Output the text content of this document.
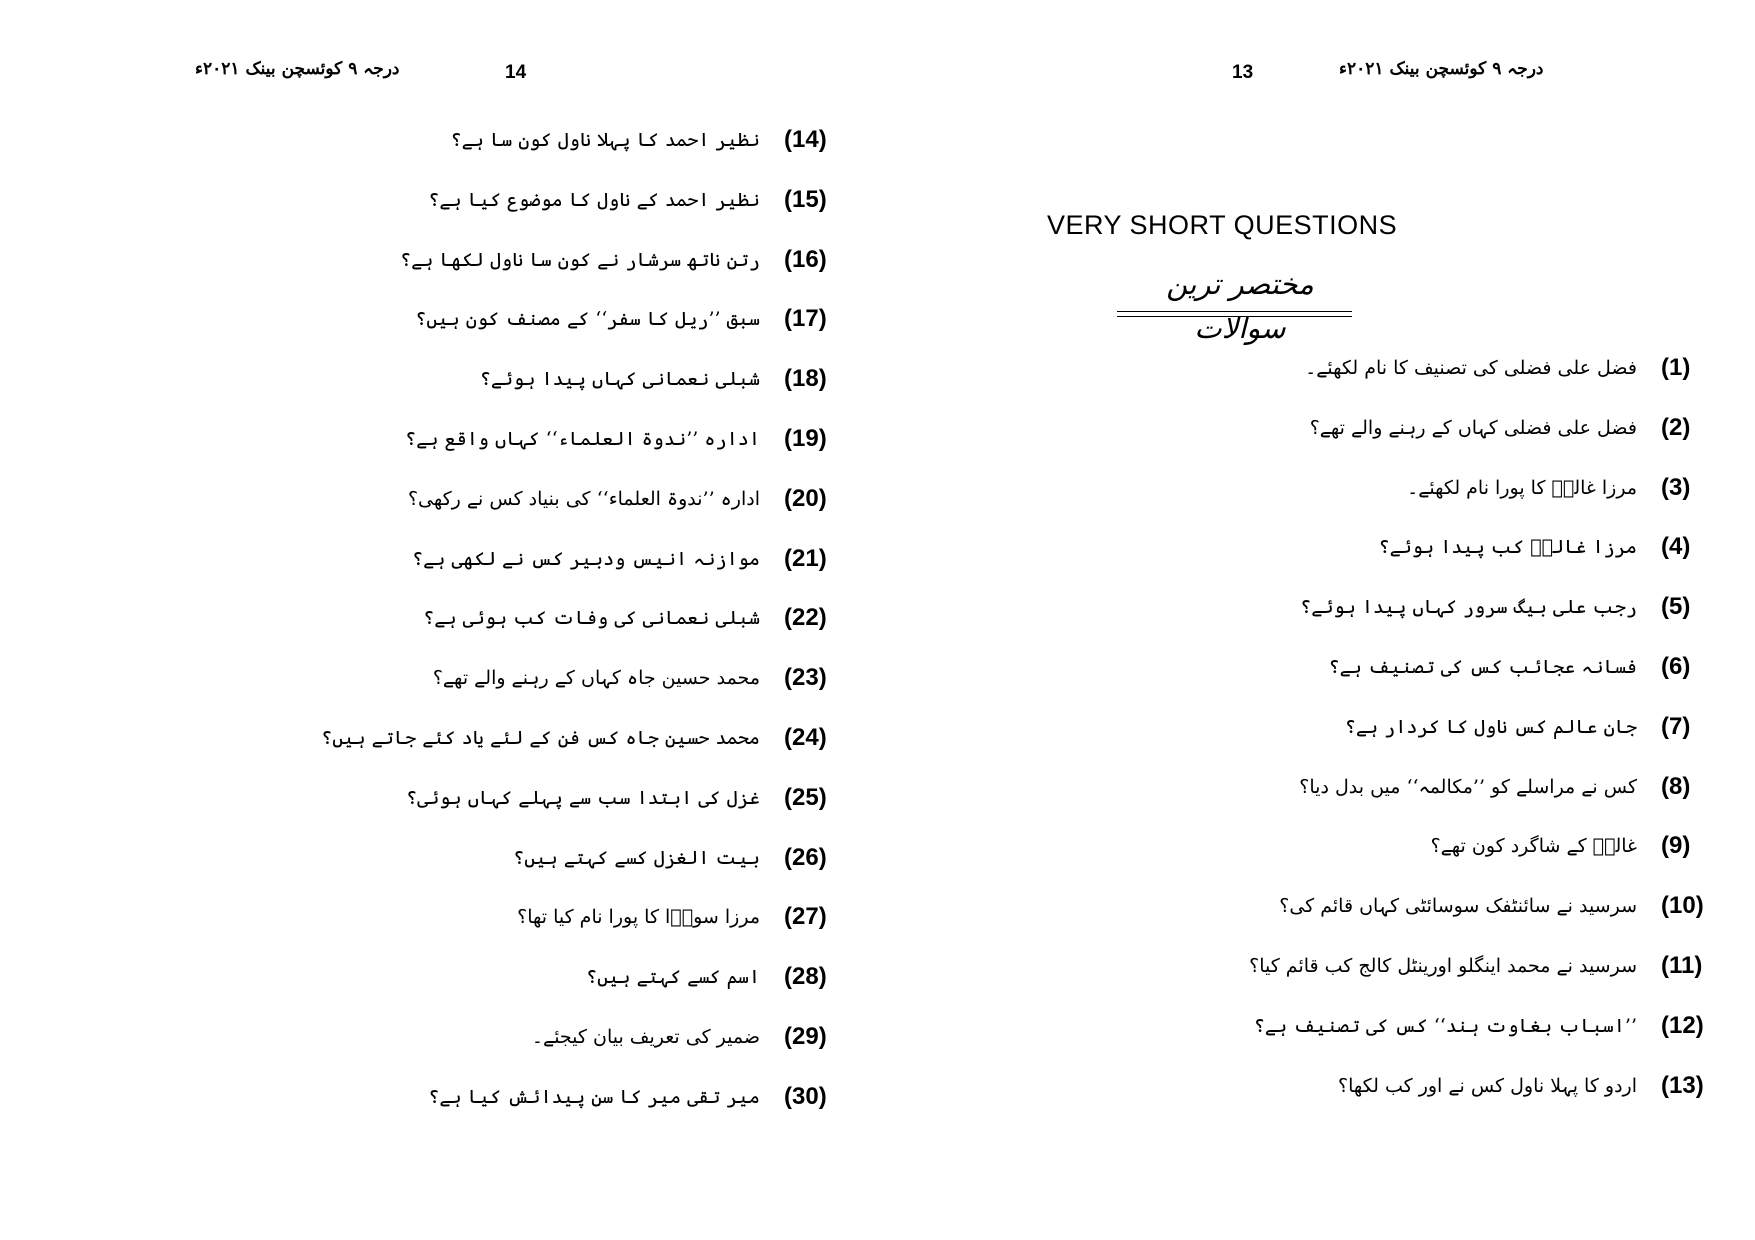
درجہ ۹ کوئسچن بینک ۲۰۲۱ء	14
نظیر احمد کا پہلا ناول کون سا ہے؟ (14)
نظیر احمد کے ناول کا موضوع کیا ہے؟ (15)
رتن ناتھ سرشار نے کون سا ناول لکھا ہے؟ (16)
سبق ’’ریل کا سفر‘‘ کے مصنف کون ہیں؟ (17)
شبلی نعمانی کہاں پیدا ہوئے؟ (18)
ادارہ ’’ندوۃ العلماء‘‘ کہاں واقع ہے؟ (19)
ادارہ ’’ندوۃ العلماء‘‘ کی بنیاد کس نے رکھی؟ (20)
موازنہ انیس ودبیر کس نے لکھی ہے؟ (21)
شبلی نعمانی کی وفات کب ہوئی ہے؟ (22)
محمد حسین جاہ کہاں کے رہنے والے تھے؟ (23)
محمد حسین جاہ کس فن کے لئے یاد کئے جاتے ہیں؟ (24)
غزل کی ابتدا سب سے پہلے کہاں ہوئی؟ (25)
بیت الغزل کسے کہتے ہیں؟ (26)
مرزا سودؔا کا پورا نام کیا تھا؟ (27)
اسم کسے کہتے ہیں؟ (28)
ضمیر کی تعریف بیان کیجئے۔ (29)
میر تقی میر کا سن پیدائش کیا ہے؟ (30)
13	درجہ ۹ کوئسچن بینک ۲۰۲۱ء
VERY SHORT QUESTIONS
مختصر ترین سوالات
فضل علی فضلی کی تصنیف کا نام لکھئے۔ (1)
فضل علی فضلی کہاں کے رہنے والے تھے؟ (2)
مرزا غالبؔ کا پورا نام لکھئے۔ (3)
مرزا غالبؔ کب پیدا ہوئے؟ (4)
رجب علی بیگ سرور کہاں پیدا ہوئے؟ (5)
فسانہ عجائب کس کی تصنیف ہے؟ (6)
جان عالم کس ناول کا کردار ہے؟ (7)
کس نے مراسلے کو ’’مکالمہ‘‘ میں بدل دیا؟ (8)
غالبؔ کے شاگرد کون تھے؟ (9)
سرسید نے سائنٹفک سوسائٹی کہاں قائم کی؟ (10)
سرسید نے محمد اینگلو اورینٹل کالج کب قائم کیا؟ (11)
’’اسباب بغاوت ہند‘‘ کس کی تصنیف ہے؟ (12)
اردو کا پہلا ناول کس نے اور کب لکھا؟ (13)
